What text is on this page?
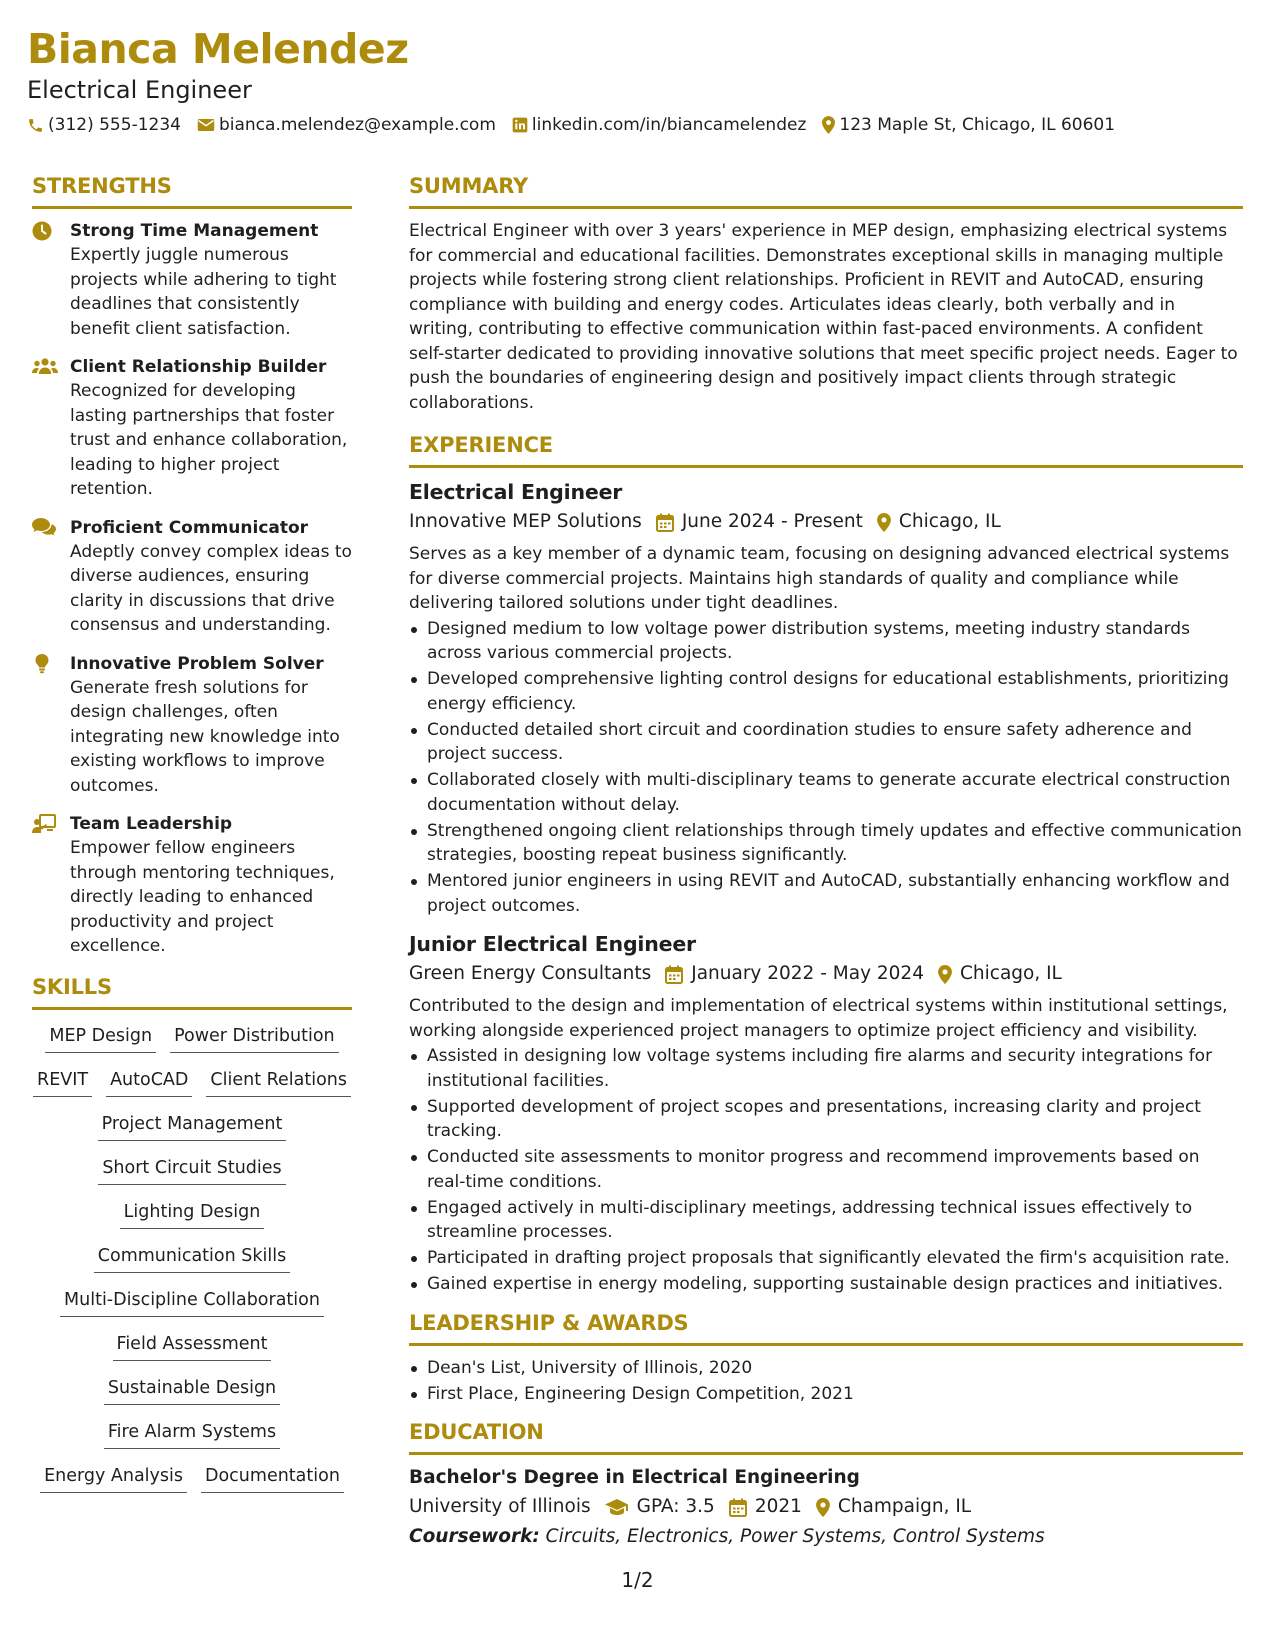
Bianca Melendez
Electrical Engineer
(312) 555-1234 bianca.melendez@example.com linkedin.com/in/biancamelendez 123 Maple St, Chicago, IL 60601
STRENGTHS
Strong Time Management
Expertly juggle numerous projects while adhering to tight deadlines that consistently benefit client satisfaction.
Client Relationship Builder
Recognized for developing lasting partnerships that foster trust and enhance collaboration, leading to higher project retention.
Proficient Communicator
Adeptly convey complex ideas to diverse audiences, ensuring clarity in discussions that drive consensus and understanding.
Innovative Problem Solver
Generate fresh solutions for design challenges, often integrating new knowledge into existing workflows to improve outcomes.
Team Leadership
Empower fellow engineers through mentoring techniques, directly leading to enhanced productivity and project excellence.
SKILLS
MEP Design Power Distribution
REVIT AutoCAD Client Relations
Project Management
Short Circuit Studies
Lighting Design
Communication Skills
Multi-Discipline Collaboration
Field Assessment
Sustainable Design
Fire Alarm Systems
Energy Analysis Documentation
SUMMARY
Electrical Engineer with over 3 years' experience in MEP design, emphasizing electrical systems for commercial and educational facilities. Demonstrates exceptional skills in managing multiple projects while fostering strong client relationships. Proficient in REVIT and AutoCAD, ensuring compliance with building and energy codes. Articulates ideas clearly, both verbally and in writing, contributing to effective communication within fast-paced environments. A confident self-starter dedicated to providing innovative solutions that meet specific project needs. Eager to push the boundaries of engineering design and positively impact clients through strategic collaborations.
EXPERIENCE
Electrical Engineer
Innovative MEP Solutions June 2024 - Present Chicago, IL
Serves as a key member of a dynamic team, focusing on designing advanced electrical systems for diverse commercial projects. Maintains high standards of quality and compliance while delivering tailored solutions under tight deadlines.
Designed medium to low voltage power distribution systems, meeting industry standards across various commercial projects.
Developed comprehensive lighting control designs for educational establishments, prioritizing energy efficiency.
Conducted detailed short circuit and coordination studies to ensure safety adherence and project success.
Collaborated closely with multi-disciplinary teams to generate accurate electrical construction documentation without delay.
Strengthened ongoing client relationships through timely updates and effective communication strategies, boosting repeat business significantly.
Mentored junior engineers in using REVIT and AutoCAD, substantially enhancing workflow and project outcomes.
Junior Electrical Engineer
Green Energy Consultants January 2022 - May 2024 Chicago, IL
Contributed to the design and implementation of electrical systems within institutional settings, working alongside experienced project managers to optimize project efficiency and visibility.
Assisted in designing low voltage systems including fire alarms and security integrations for institutional facilities.
Supported development of project scopes and presentations, increasing clarity and project tracking.
Conducted site assessments to monitor progress and recommend improvements based on real-time conditions.
Engaged actively in multi-disciplinary meetings, addressing technical issues effectively to streamline processes.
Participated in drafting project proposals that significantly elevated the firm's acquisition rate.
Gained expertise in energy modeling, supporting sustainable design practices and initiatives.
LEADERSHIP & AWARDS
Dean's List, University of Illinois, 2020
First Place, Engineering Design Competition, 2021
EDUCATION
Bachelor's Degree in Electrical Engineering
University of Illinois GPA: 3.5 2021 Champaign, IL
Coursework: Circuits, Electronics, Power Systems, Control Systems
1/2
